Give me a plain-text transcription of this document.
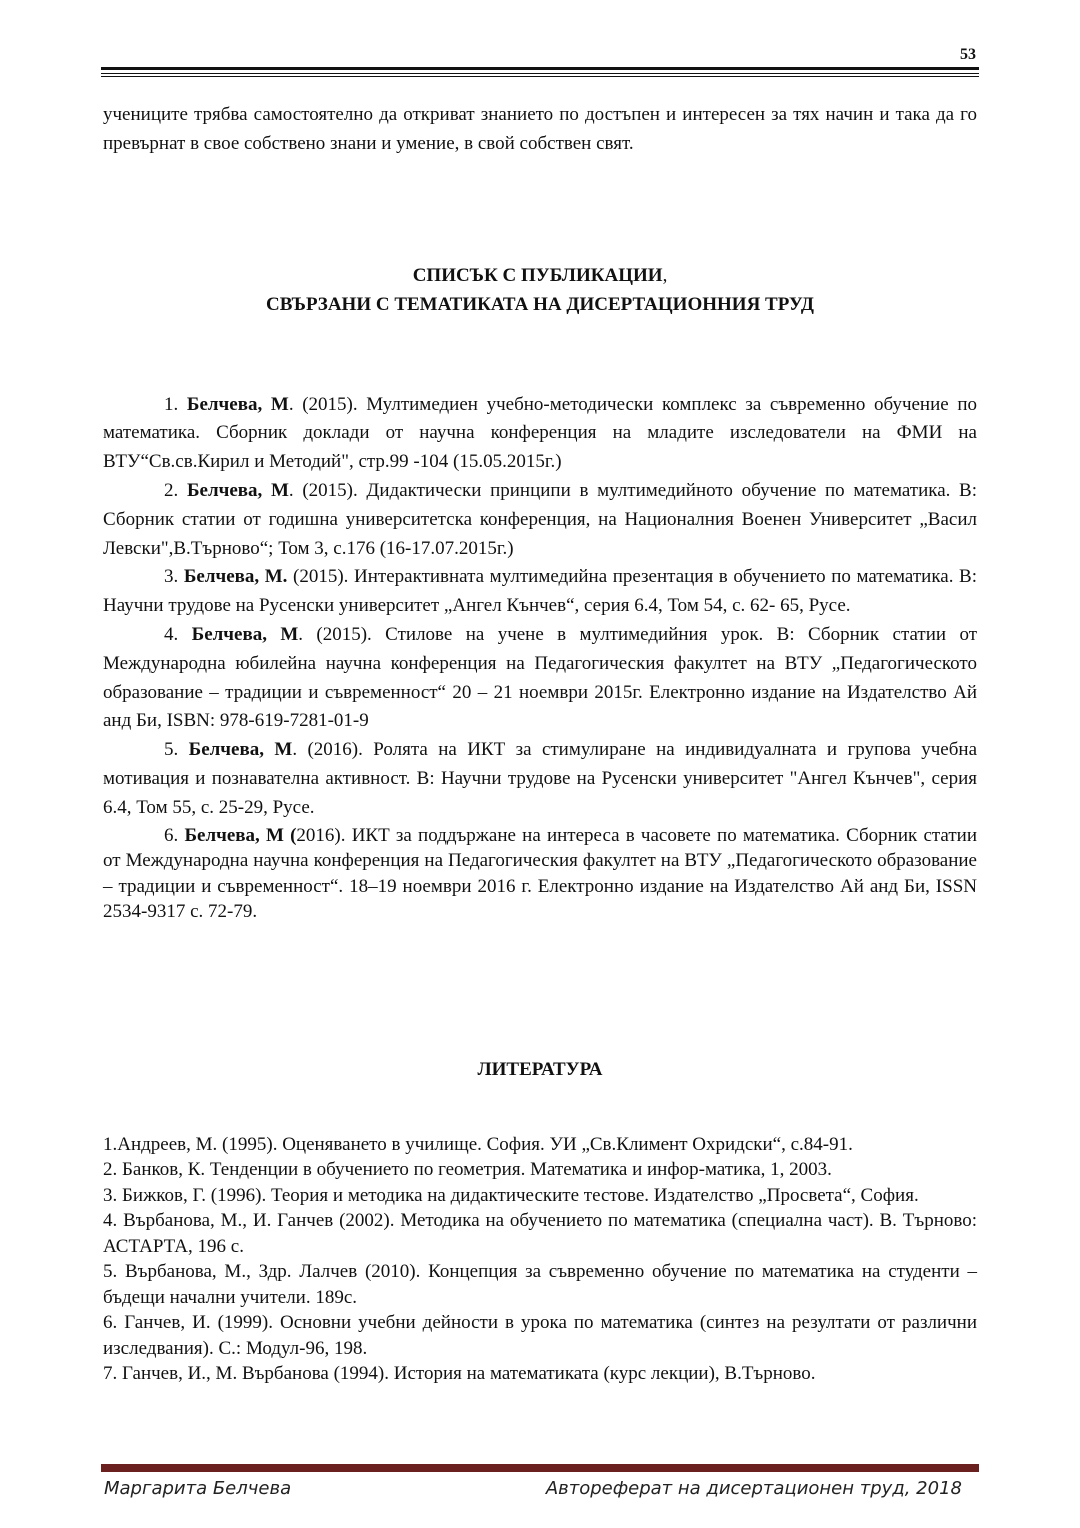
53

учениците трябва самостоятелно да откриват знанието по достъпен и интересен за тях начин и така да го превърнат в свое собствено знани и умение, в свой собствен свят.

СПИСЪК С ПУБЛИКАЦИИ,
СВЪРЗАНИ С ТЕМАТИКАТА НА ДИСЕРТАЦИОННИЯ ТРУД

1. Белчева, М. (2015). Мултимедиен учебно-методически комплекс за съвременно обучение по математика. Сборник доклади от научна конференция на младите изследователи на ФМИ на ВТУ“Св.св.Кирил и Методий", стр.99 -104 (15.05.2015г.)

2. Белчева, М. (2015). Дидактически принципи в мултимедийното обучение по математика. В: Сборник статии от годишна университетска конференция, на Националния Военен Университет „Васил Левски",В.Търново“; Том 3, с.176 (16-17.07.2015г.)

3. Белчева, М. (2015). Интерактивната мултимедийна презентация в обучението по математика. В: Научни трудове на Русенски университет „Ангел Кънчев“, серия 6.4, Том 54, с. 62- 65, Русе.

4. Белчева, М. (2015). Стилове на учене в мултимедийния урок. В: Сборник статии от Международна юбилейна научна конференция на Педагогическия факултет на ВТУ „Педагогическото образование – традиции и съвременност“ 20 – 21 ноември 2015г. Електронно издание на Издателство Ай анд Би, ISBN: 978-619-7281-01-9

5. Белчева, М. (2016). Ролята на ИКТ за стимулиране на индивидуалната и групова учебна мотивация и познавателна активност. В: Научни трудове на Русенски университет "Ангел Кънчев", серия 6.4, Том 55, с. 25-29, Русе.

6. Белчева, М (2016). ИКТ за поддържане на интереса в часовете по математика. Сборник статии от Международна научна конференция на Педагогическия факултет на ВТУ „Педагогическото образование – традиции и съвременност“. 18–19 ноември 2016 г. Електронно издание на Издателство Ай анд Би, ISSN 2534-9317 с. 72-79.

ЛИТЕРАТУРА

1.Андреев, М. (1995). Оценяването в училище. София. УИ „Св.Климент Охридски“, с.84-91.

2. Банков, К. Тенденции в обучението по геометрия. Математика и инфор-матика, 1, 2003.

3. Бижков, Г. (1996). Теория и методика на дидактическите тестове. Издателство „Просвета“, София.

4. Върбанова, М., И. Ганчев (2002). Методика на обучението по математика (специална част). В. Търново: АСТАРТА, 196 с.

5. Върбанова, М., Здр. Лалчев (2010). Концепция за съвременно обучение по математика на студенти – бъдещи начални учители. 189с.

6. Ганчев, И. (1999). Основни учебни дейности в урока по математика (синтез на резултати от различни изследвания). С.: Модул-96, 198.

7. Ганчев, И., М. Върбанова (1994). История на математиката (курс лекции), В.Търново.

Маргарита Белчева	Автореферат на дисертационен труд, 2018
